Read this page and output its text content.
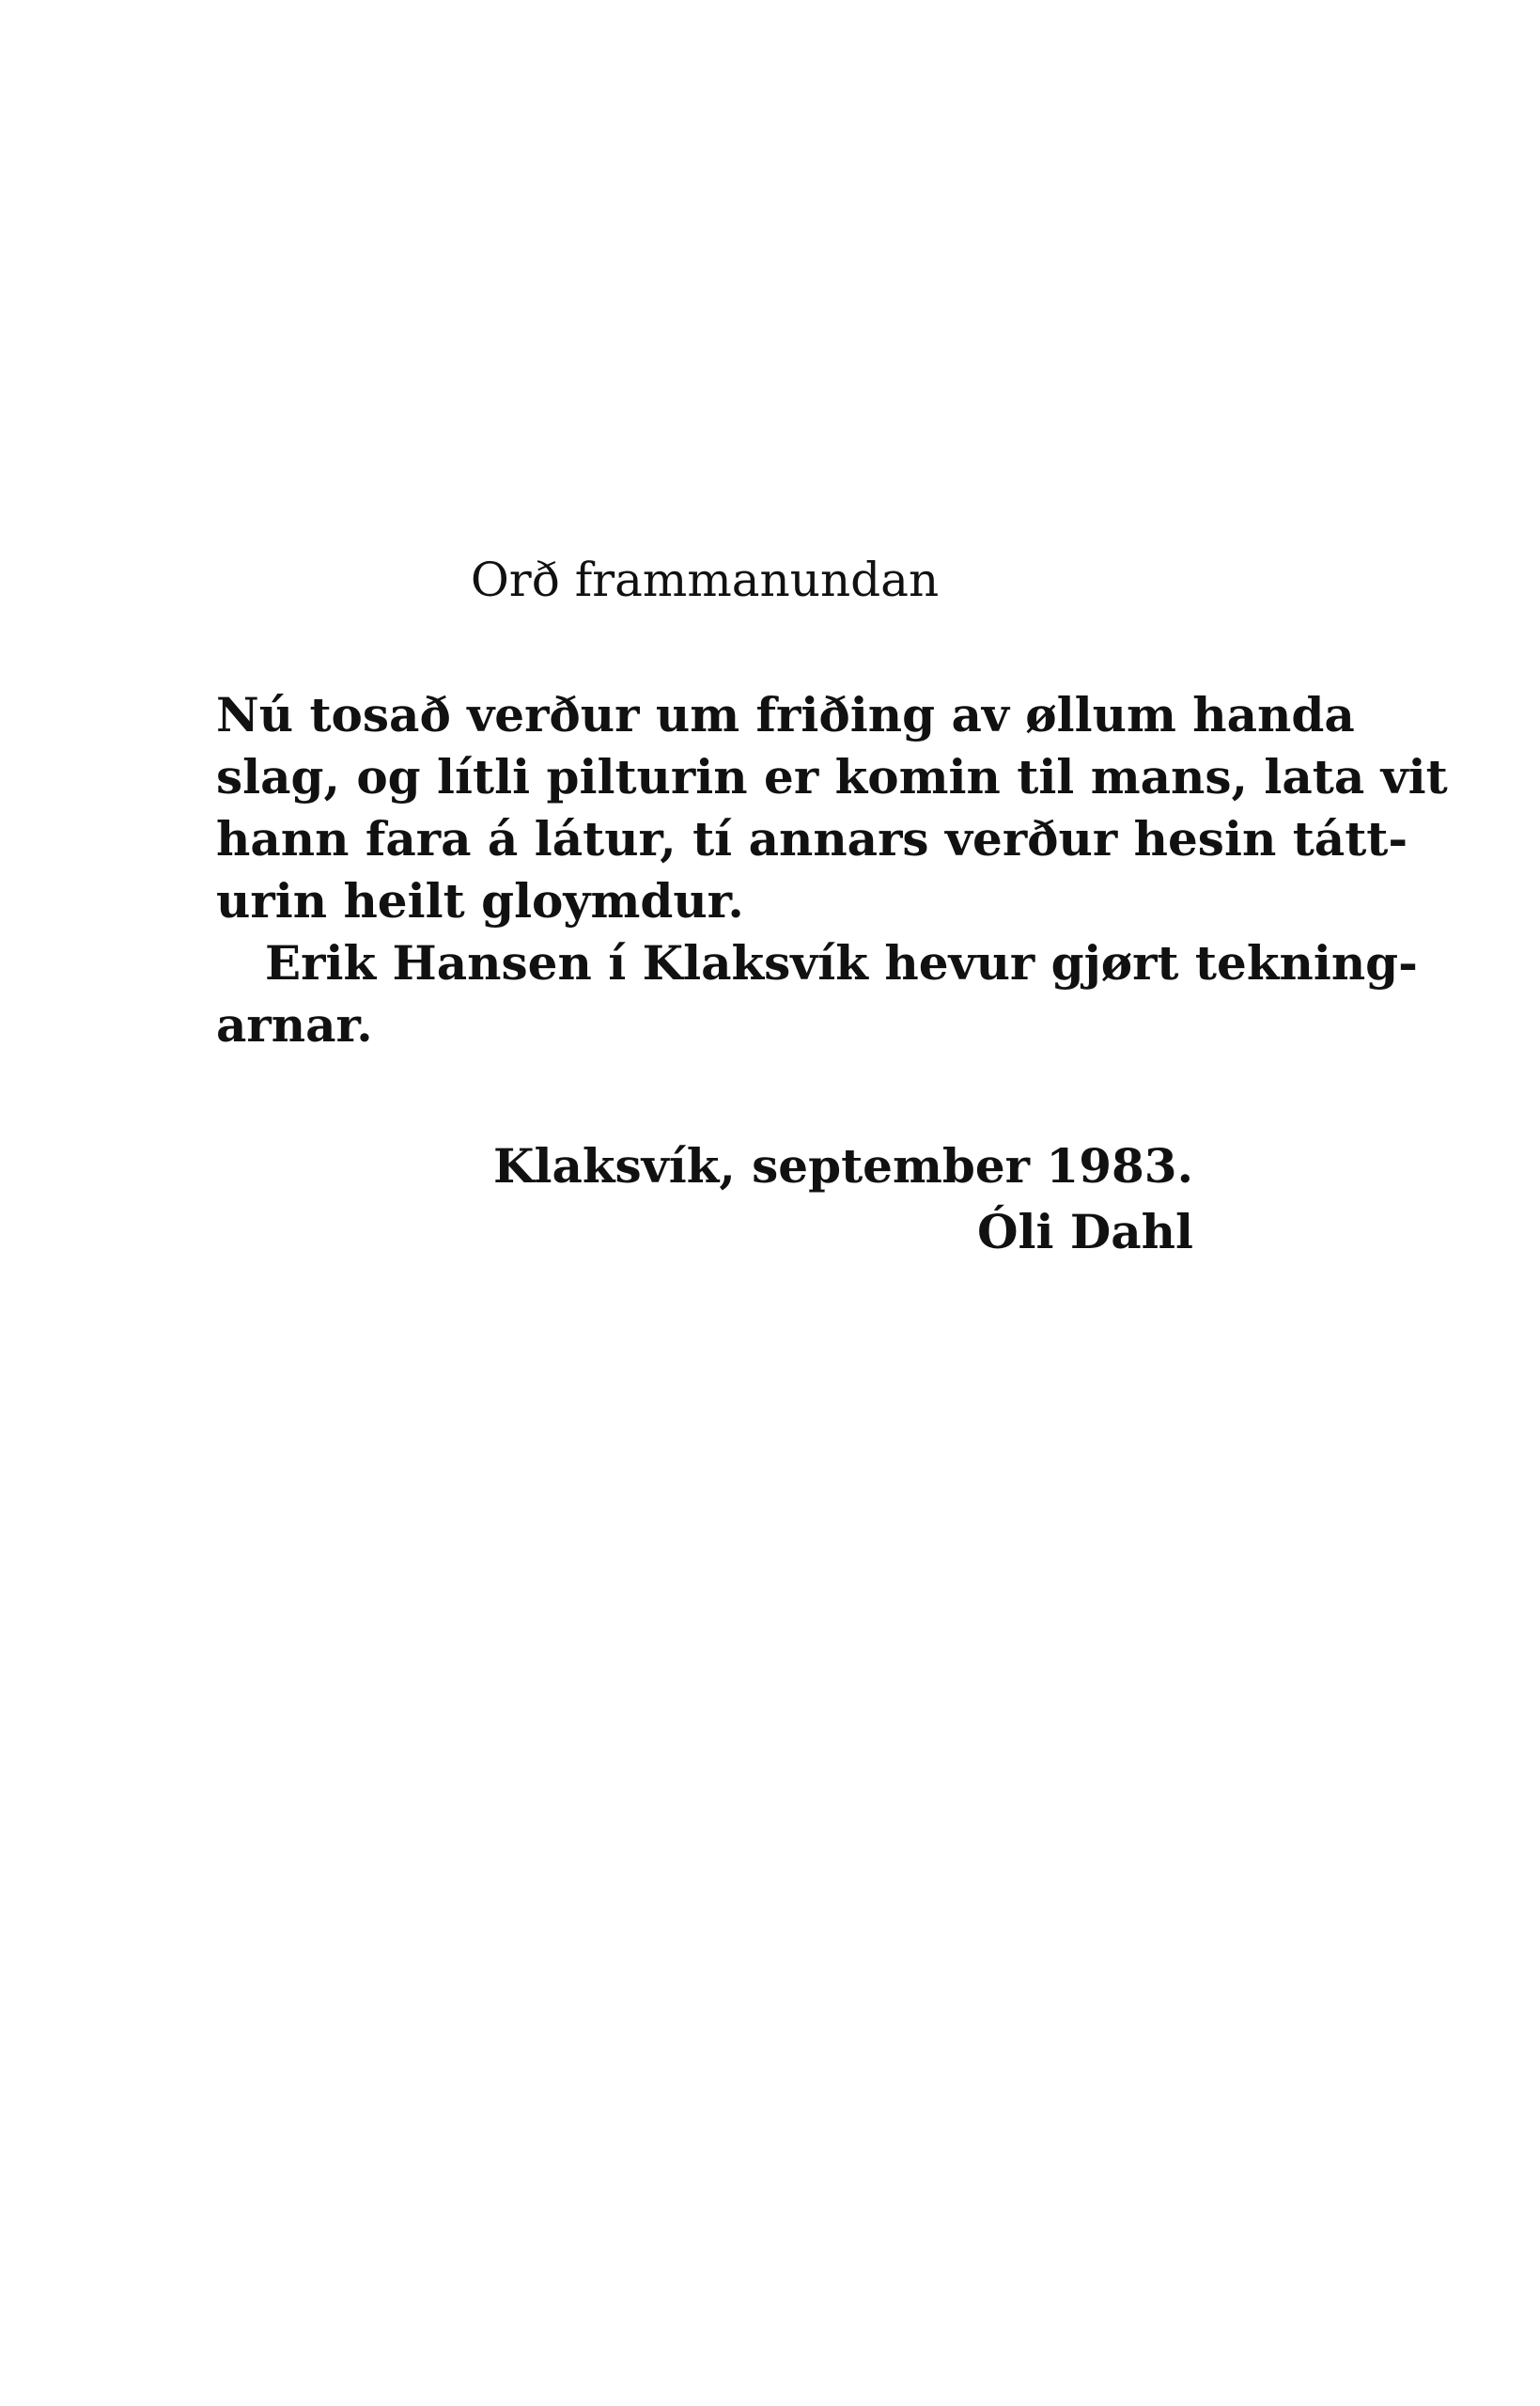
Orð frammanundan
Nú tosað verður um friðing av øllum handa
slag, og lítli pilturin er komin til mans, lata vit
hann fara á látur, tí annars verður hesin tátt-
urin heilt gloymdur.
Erik Hansen í Klaksvík hevur gjørt tekning-
arnar.
Klaksvík, september 1983.
Óli Dahl
